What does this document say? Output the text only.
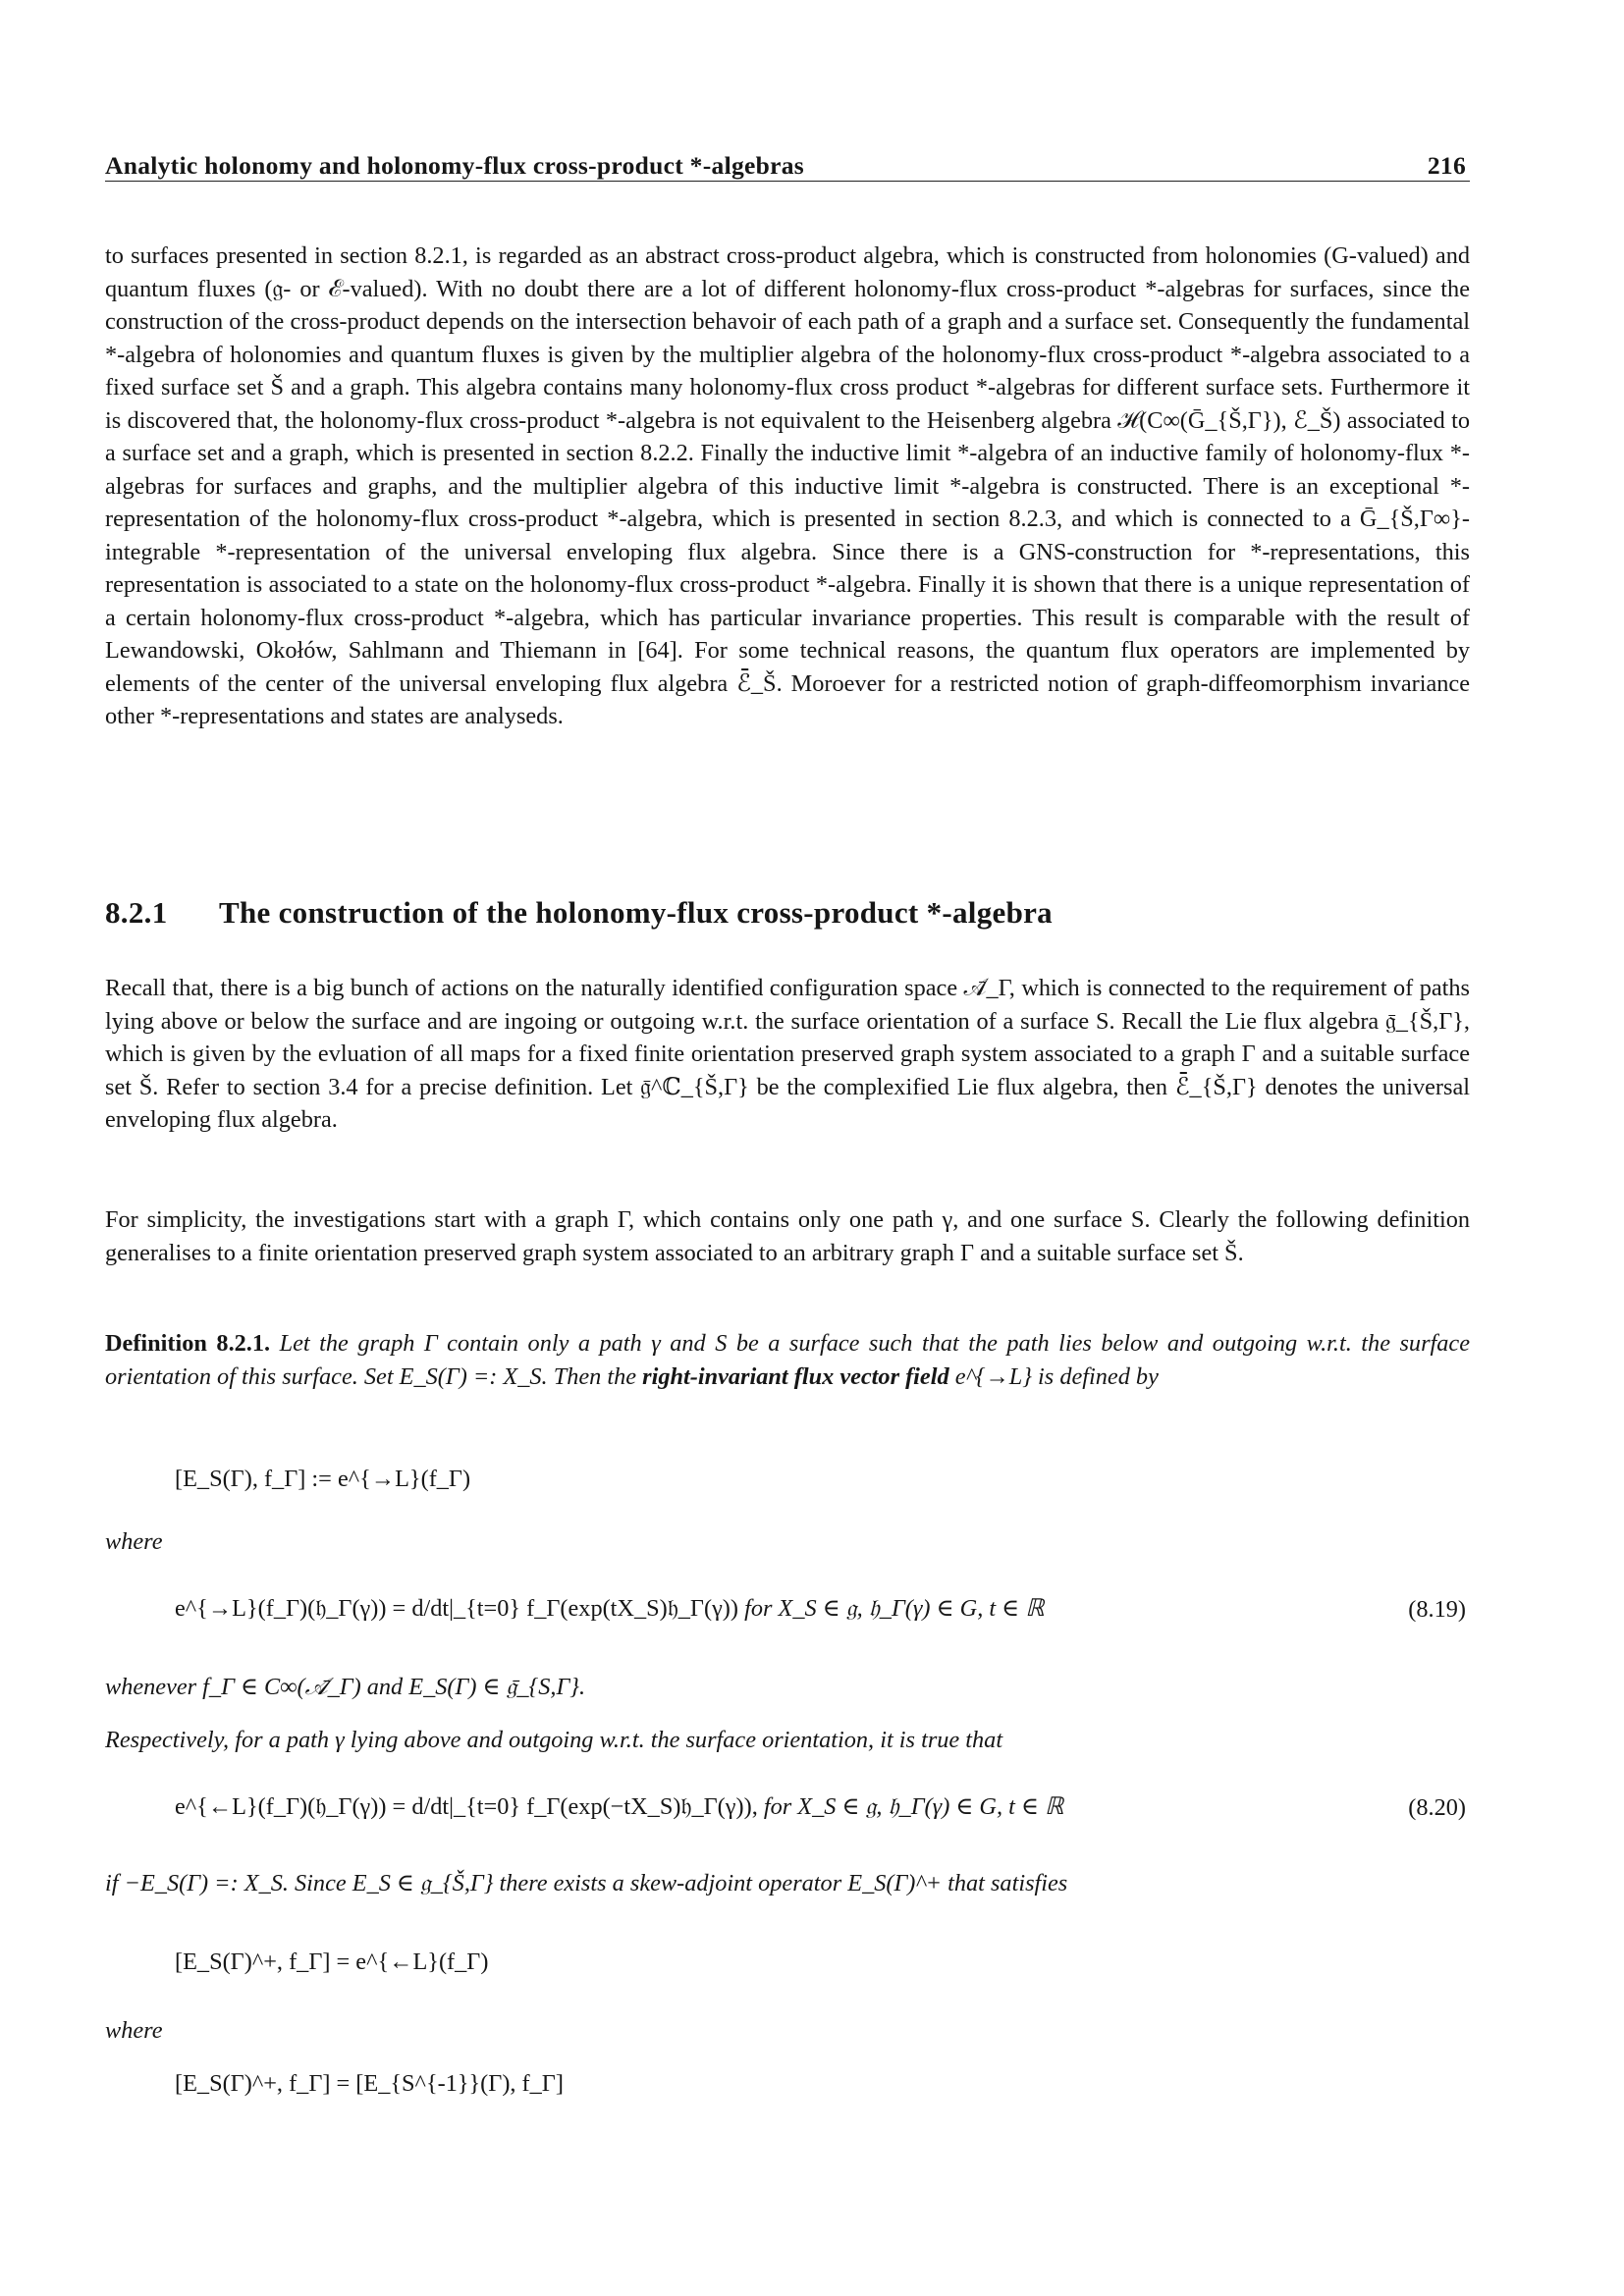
Analytic holonomy and holonomy-flux cross-product *-algebras	216
to surfaces presented in section 8.2.1, is regarded as an abstract cross-product algebra, which is constructed from holonomies (G-valued) and quantum fluxes (𝔤- or ℰ-valued). With no doubt there are a lot of different holonomy-flux cross-product *-algebras for surfaces, since the construction of the cross-product depends on the intersection behavoir of each path of a graph and a surface set. Consequently the fundamental *-algebra of holonomies and quantum fluxes is given by the multiplier algebra of the holonomy-flux cross-product *-algebra associated to a fixed surface set Š and a graph. This algebra contains many holonomy-flux cross product *-algebras for different surface sets. Furthermore it is discovered that, the holonomy-flux cross-product *-algebra is not equivalent to the Heisenberg algebra ℋ(C∞(Ḡ_{Š,Γ}), ℰ_Š) associated to a surface set and a graph, which is presented in section 8.2.2. Finally the inductive limit *-algebra of an inductive family of holonomy-flux *-algebras for surfaces and graphs, and the multiplier algebra of this inductive limit *-algebra is constructed. There is an exceptional *-representation of the holonomy-flux cross-product *-algebra, which is presented in section 8.2.3, and which is connected to a Ḡ_{Š,Γ∞}-integrable *-representation of the universal enveloping flux algebra. Since there is a GNS-construction for *-representations, this representation is associated to a state on the holonomy-flux cross-product *-algebra. Finally it is shown that there is a unique representation of a certain holonomy-flux cross-product *-algebra, which has particular invariance properties. This result is comparable with the result of Lewandowski, Okołów, Sahlmann and Thiemann in [64]. For some technical reasons, the quantum flux operators are implemented by elements of the center of the universal enveloping flux algebra ℰ̄_Š. Moroever for a restricted notion of graph-diffeomorphism invariance other *-representations and states are analyseds.
8.2.1 The construction of the holonomy-flux cross-product *-algebra
Recall that, there is a big bunch of actions on the naturally identified configuration space 𝒜̄_Γ, which is connected to the requirement of paths lying above or below the surface and are ingoing or outgoing w.r.t. the surface orientation of a surface S. Recall the Lie flux algebra 𝔤̄_{Š,Γ}, which is given by the evluation of all maps for a fixed finite orientation preserved graph system associated to a graph Γ and a suitable surface set Š. Refer to section 3.4 for a precise definition. Let 𝔤̄^ℂ_{Š,Γ} be the complexified Lie flux algebra, then ℰ̄_{Š,Γ} denotes the universal enveloping flux algebra.
For simplicity, the investigations start with a graph Γ, which contains only one path γ, and one surface S. Clearly the following definition generalises to a finite orientation preserved graph system associated to an arbitrary graph Γ and a suitable surface set Š.
Definition 8.2.1. Let the graph Γ contain only a path γ and S be a surface such that the path lies below and outgoing w.r.t. the surface orientation of this surface. Set E_S(Γ) =: X_S. Then the right-invariant flux vector field e^{→L} is defined by
[E_S(Γ), f_Γ] := e^{→L}(f_Γ)
where
e^{→L}(f_Γ)(𝔥_Γ(γ)) = d/dt|_{t=0} f_Γ(exp(tX_S)𝔥_Γ(γ)) for X_S ∈ 𝔤, 𝔥_Γ(γ) ∈ G, t ∈ ℝ	(8.19)
whenever f_Γ ∈ C∞(𝒜̄_Γ) and E_S(Γ) ∈ 𝔤̄_{S,Γ}.
Respectively, for a path γ lying above and outgoing w.r.t. the surface orientation, it is true that
e^{←L}(f_Γ)(𝔥_Γ(γ)) = d/dt|_{t=0} f_Γ(exp(−tX_S)𝔥_Γ(γ)), for X_S ∈ 𝔤, 𝔥_Γ(γ) ∈ G, t ∈ ℝ	(8.20)
if −E_S(Γ) =: X_S. Since E_S ∈ 𝔤_{Š,Γ} there exists a skew-adjoint operator E_S(Γ)^+ that satisfies
[E_S(Γ)^+, f_Γ] = e^{←L}(f_Γ)
where
[E_S(Γ)^+, f_Γ] = [E_{S^{-1}}(Γ), f_Γ]
